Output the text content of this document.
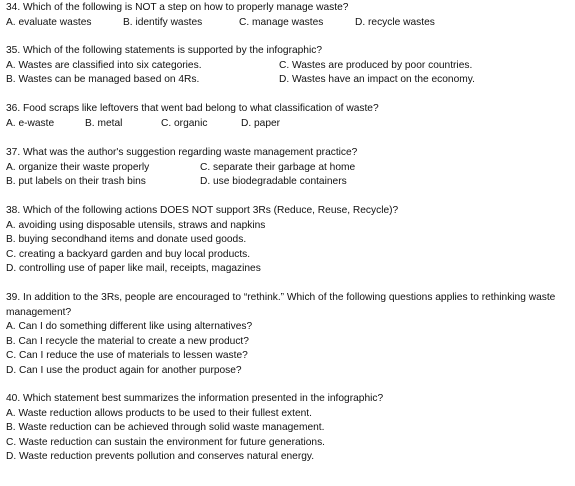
34. Which of the following is NOT a step on how to properly manage waste?
A. evaluate wastes	B. identify wastes	C. manage wastes	D. recycle wastes
35. Which of the following statements is supported by the infographic?
A. Wastes are classified into six categories.	C. Wastes are produced by poor countries.
B. Wastes can be managed based on 4Rs.	D. Wastes have an impact on the economy.
36. Food scraps like leftovers that went bad belong to what classification of waste?
A. e-waste	B. metal	C. organic	D. paper
37. What was the author's suggestion regarding waste management practice?
A. organize their waste properly	C. separate their garbage at home
B. put labels on their trash bins	D. use biodegradable containers
38. Which of the following actions DOES NOT support 3Rs (Reduce, Reuse, Recycle)?
A. avoiding using disposable utensils, straws and napkins
B. buying secondhand items and donate used goods.
C. creating a backyard garden and buy local products.
D. controlling use of paper like mail, receipts, magazines
39. In addition to the 3Rs, people are encouraged to “rethink.” Which of the following questions applies to rethinking waste management?
A. Can I do something different like using alternatives?
B. Can I recycle the material to create a new product?
C. Can I reduce the use of materials to lessen waste?
D. Can I use the product again for another purpose?
40. Which statement best summarizes the information presented in the infographic?
A. Waste reduction allows products to be used to their fullest extent.
B. Waste reduction can be achieved through solid waste management.
C. Waste reduction can sustain the environment for future generations.
D. Waste reduction prevents pollution and conserves natural energy.
